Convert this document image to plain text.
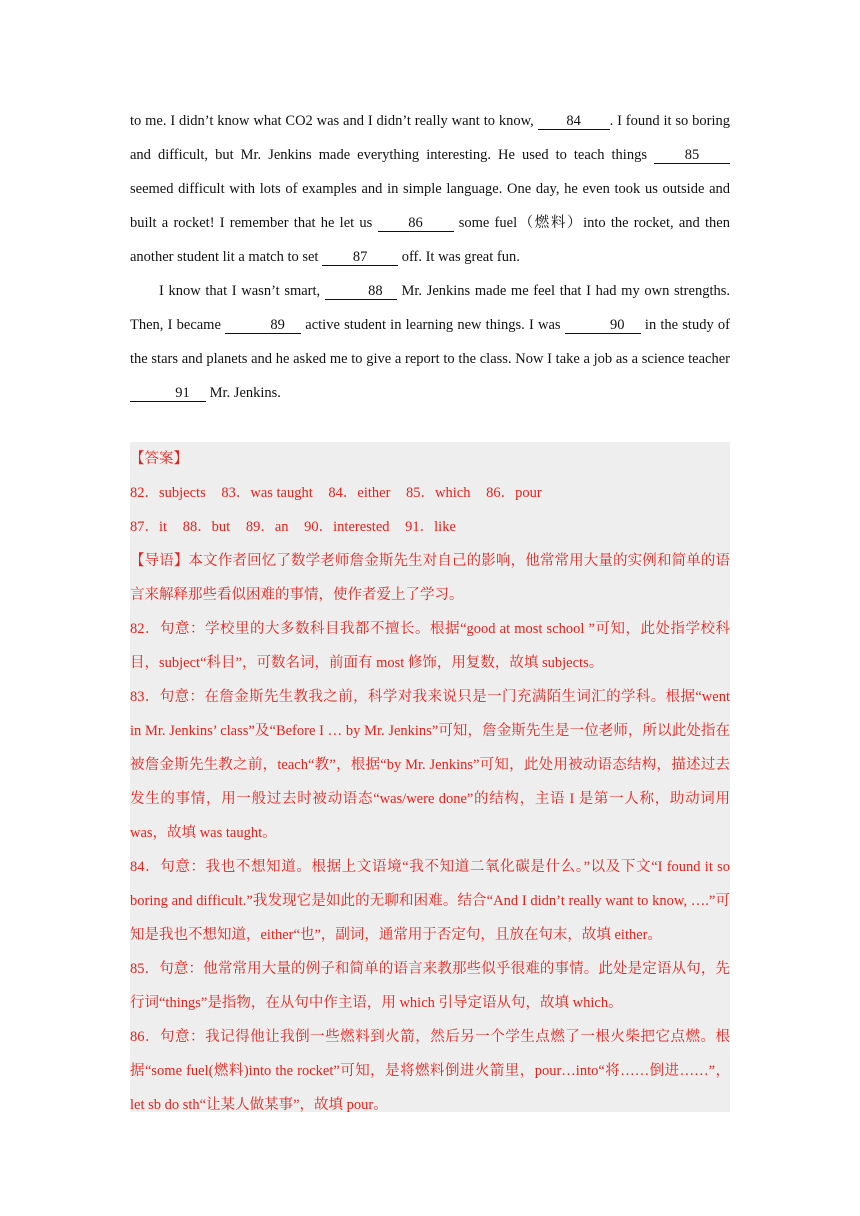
to me. I didn’t know what CO2 was and I didn’t really want to know, 84 . I found it so boring and difficult, but Mr. Jenkins made everything interesting. He used to teach things 85 seemed difficult with lots of examples and in simple language. One day, he even took us outside and built a rocket! I remember that he let us 86 some fuel（燃料）into the rocket, and then another student lit a match to set 87 off. It was great fun.

I know that I wasn’t smart,	88 Mr. Jenkins made me feel that I had my own strengths. Then, I became	89 active student in learning new things. I was	90 in the study of the stars and planets and he asked me to give a report to the class. Now I take a job as a science teacher 91 Mr. Jenkins.

【答案】

82．subjects 83．was taught 84．either 85．which 86．pour

87．it 88．but 89．an 90．interested 91．like

【导语】本文作者回忆了数学老师詹金斯先生对自己的影响，他常常用大量的实例和简单的语言来解释那些看似困难的事情，使作者爱上了学习。

82．句意：学校里的大多数科目我都不擅长。根据“good at most school ”可知，此处指学校科目，subject“科目”，可数名词，前面有 most 修饰，用复数，故填 subjects。

83．句意：在詹金斯先生教我之前，科学对我来说只是一门充满陌生词汇的学科。根据“went in Mr. Jenkins’ class”及“Before I … by Mr. Jenkins”可知，詹金斯先生是一位老师，所以此处指在被詹金斯先生教之前，teach“教”，根据“by Mr. Jenkins”可知，此处用被动语态结构，描述过去发生的事情，用一般过去时被动语态“was/were done”的结构，主语 I 是第一人称，助动词用 was，故填 was taught。

84．句意：我也不想知道。根据上文语境“我不知道二氧化碳是什么。”以及下文“I found it so boring and difficult.”我发现它是如此的无聊和困难。结合“And I didn’t really want to know, ….”可知是我也不想知道，either“也”，副词，通常用于否定句，且放在句末，故填 either。

85．句意：他常常用大量的例子和简单的语言来教那些似乎很难的事情。此处是定语从句，先行词“things”是指物，在从句中作主语，用 which 引导定语从句，故填 which。

86．句意：我记得他让我倒一些燃料到火箭，然后另一个学生点燃了一根火柴把它点燃。根据“some fuel(燃料)into the rocket”可知，是将燃料倒进火箭里，pour…into“将……倒进……”，let sb do sth“让某人做某事”，故填 pour。
